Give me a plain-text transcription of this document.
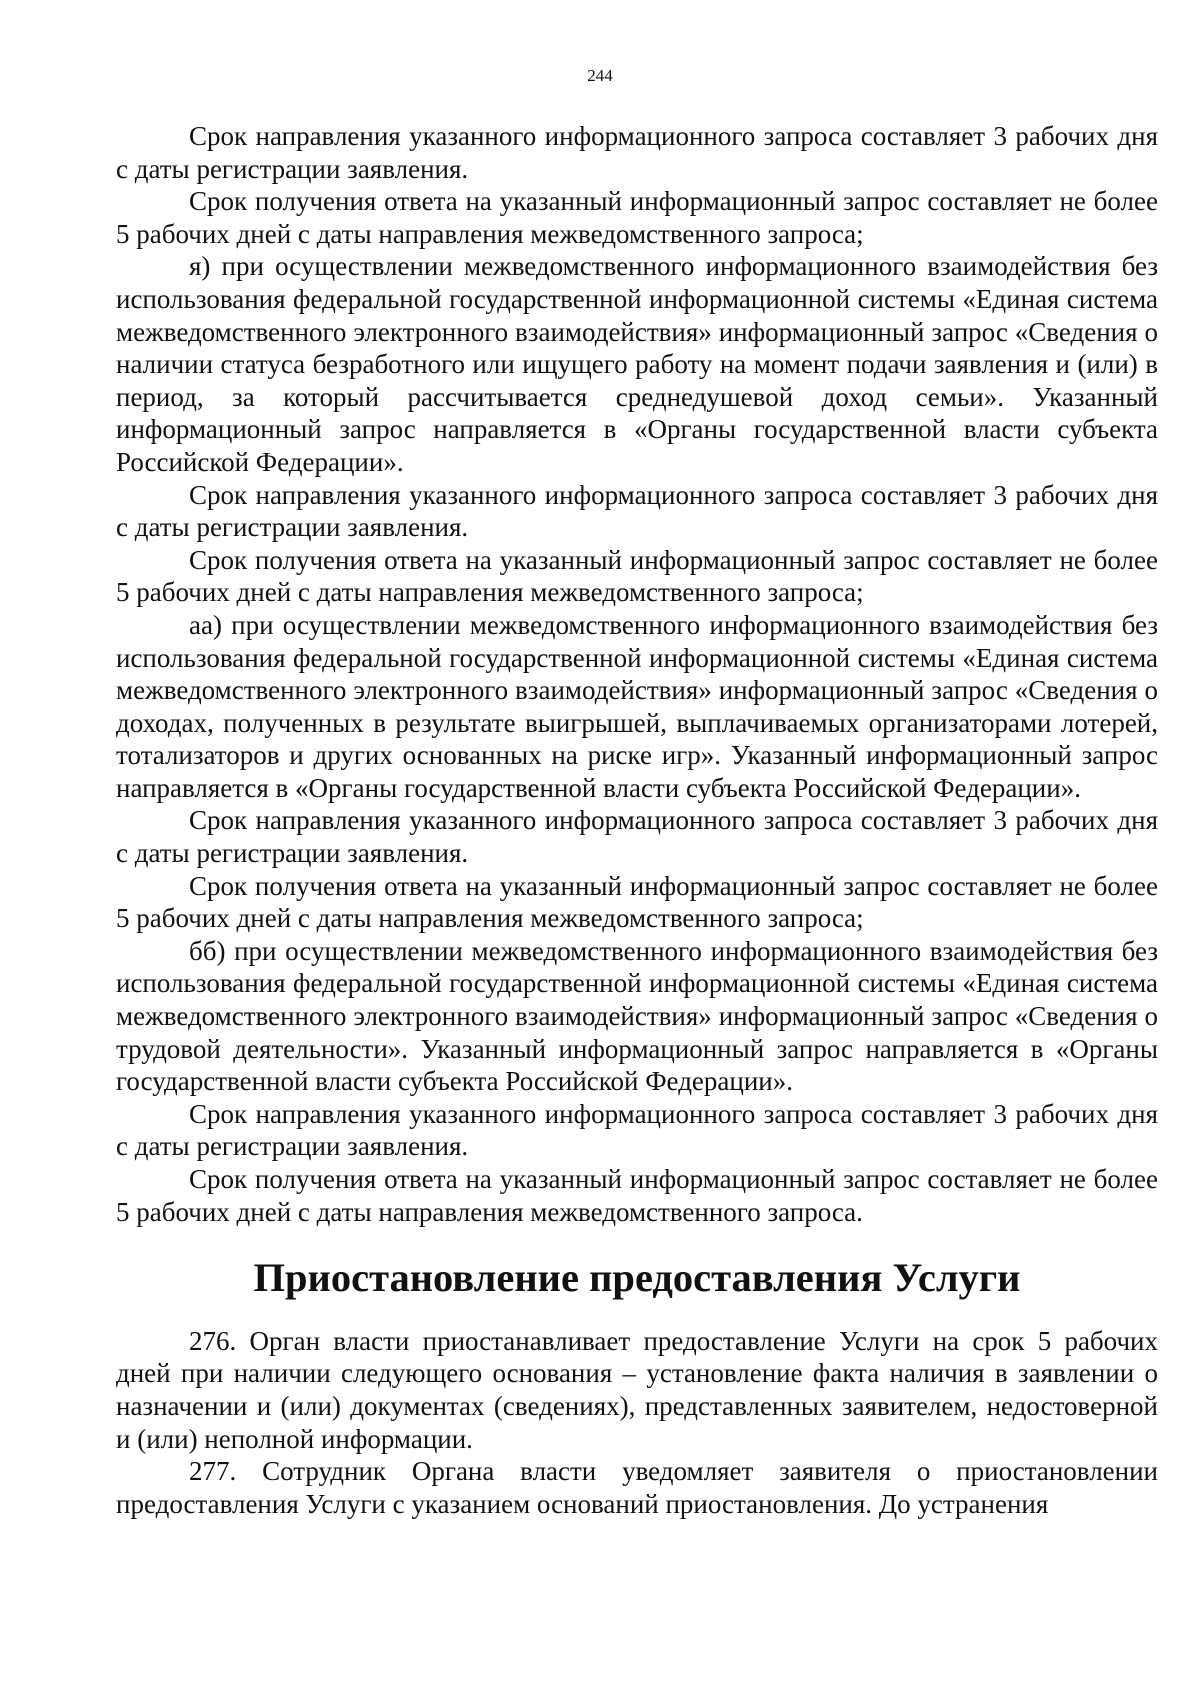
244

Срок направления указанного информационного запроса составляет 3 рабочих дня с даты регистрации заявления.

Срок получения ответа на указанный информационный запрос составляет не более 5 рабочих дней с даты направления межведомственного запроса;

я) при осуществлении межведомственного информационного взаимодействия без использования федеральной государственной информационной системы «Единая система межведомственного электронного взаимодействия» информационный запрос «Сведения о наличии статуса безработного или ищущего работу на момент подачи заявления и (или) в период, за который рассчитывается среднедушевой доход семьи». Указанный информационный запрос направляется в «Органы государственной власти субъекта Российской Федерации».

Срок направления указанного информационного запроса составляет 3 рабочих дня с даты регистрации заявления.

Срок получения ответа на указанный информационный запрос составляет не более 5 рабочих дней с даты направления межведомственного запроса;

аа) при осуществлении межведомственного информационного взаимодействия без использования федеральной государственной информационной системы «Единая система межведомственного электронного взаимодействия» информационный запрос «Сведения о доходах, полученных в результате выигрышей, выплачиваемых организаторами лотерей, тотализаторов и других основанных на риске игр». Указанный информационный запрос направляется в «Органы государственной власти субъекта Российской Федерации».

Срок направления указанного информационного запроса составляет 3 рабочих дня с даты регистрации заявления.

Срок получения ответа на указанный информационный запрос составляет не более 5 рабочих дней с даты направления межведомственного запроса;

бб) при осуществлении межведомственного информационного взаимодействия без использования федеральной государственной информационной системы «Единая система межведомственного электронного взаимодействия» информационный запрос «Сведения о трудовой деятельности». Указанный информационный запрос направляется в «Органы государственной власти субъекта Российской Федерации».

Срок направления указанного информационного запроса составляет 3 рабочих дня с даты регистрации заявления.

Срок получения ответа на указанный информационный запрос составляет не более 5 рабочих дней с даты направления межведомственного запроса.

Приостановление предоставления Услуги

276. Орган власти приостанавливает предоставление Услуги на срок 5 рабочих дней при наличии следующего основания – установление факта наличия в заявлении о назначении и (или) документах (сведениях), представленных заявителем, недостоверной и (или) неполной информации.

277. Сотрудник Органа власти уведомляет заявителя о приостановлении предоставления Услуги с указанием оснований приостановления. До устранения
